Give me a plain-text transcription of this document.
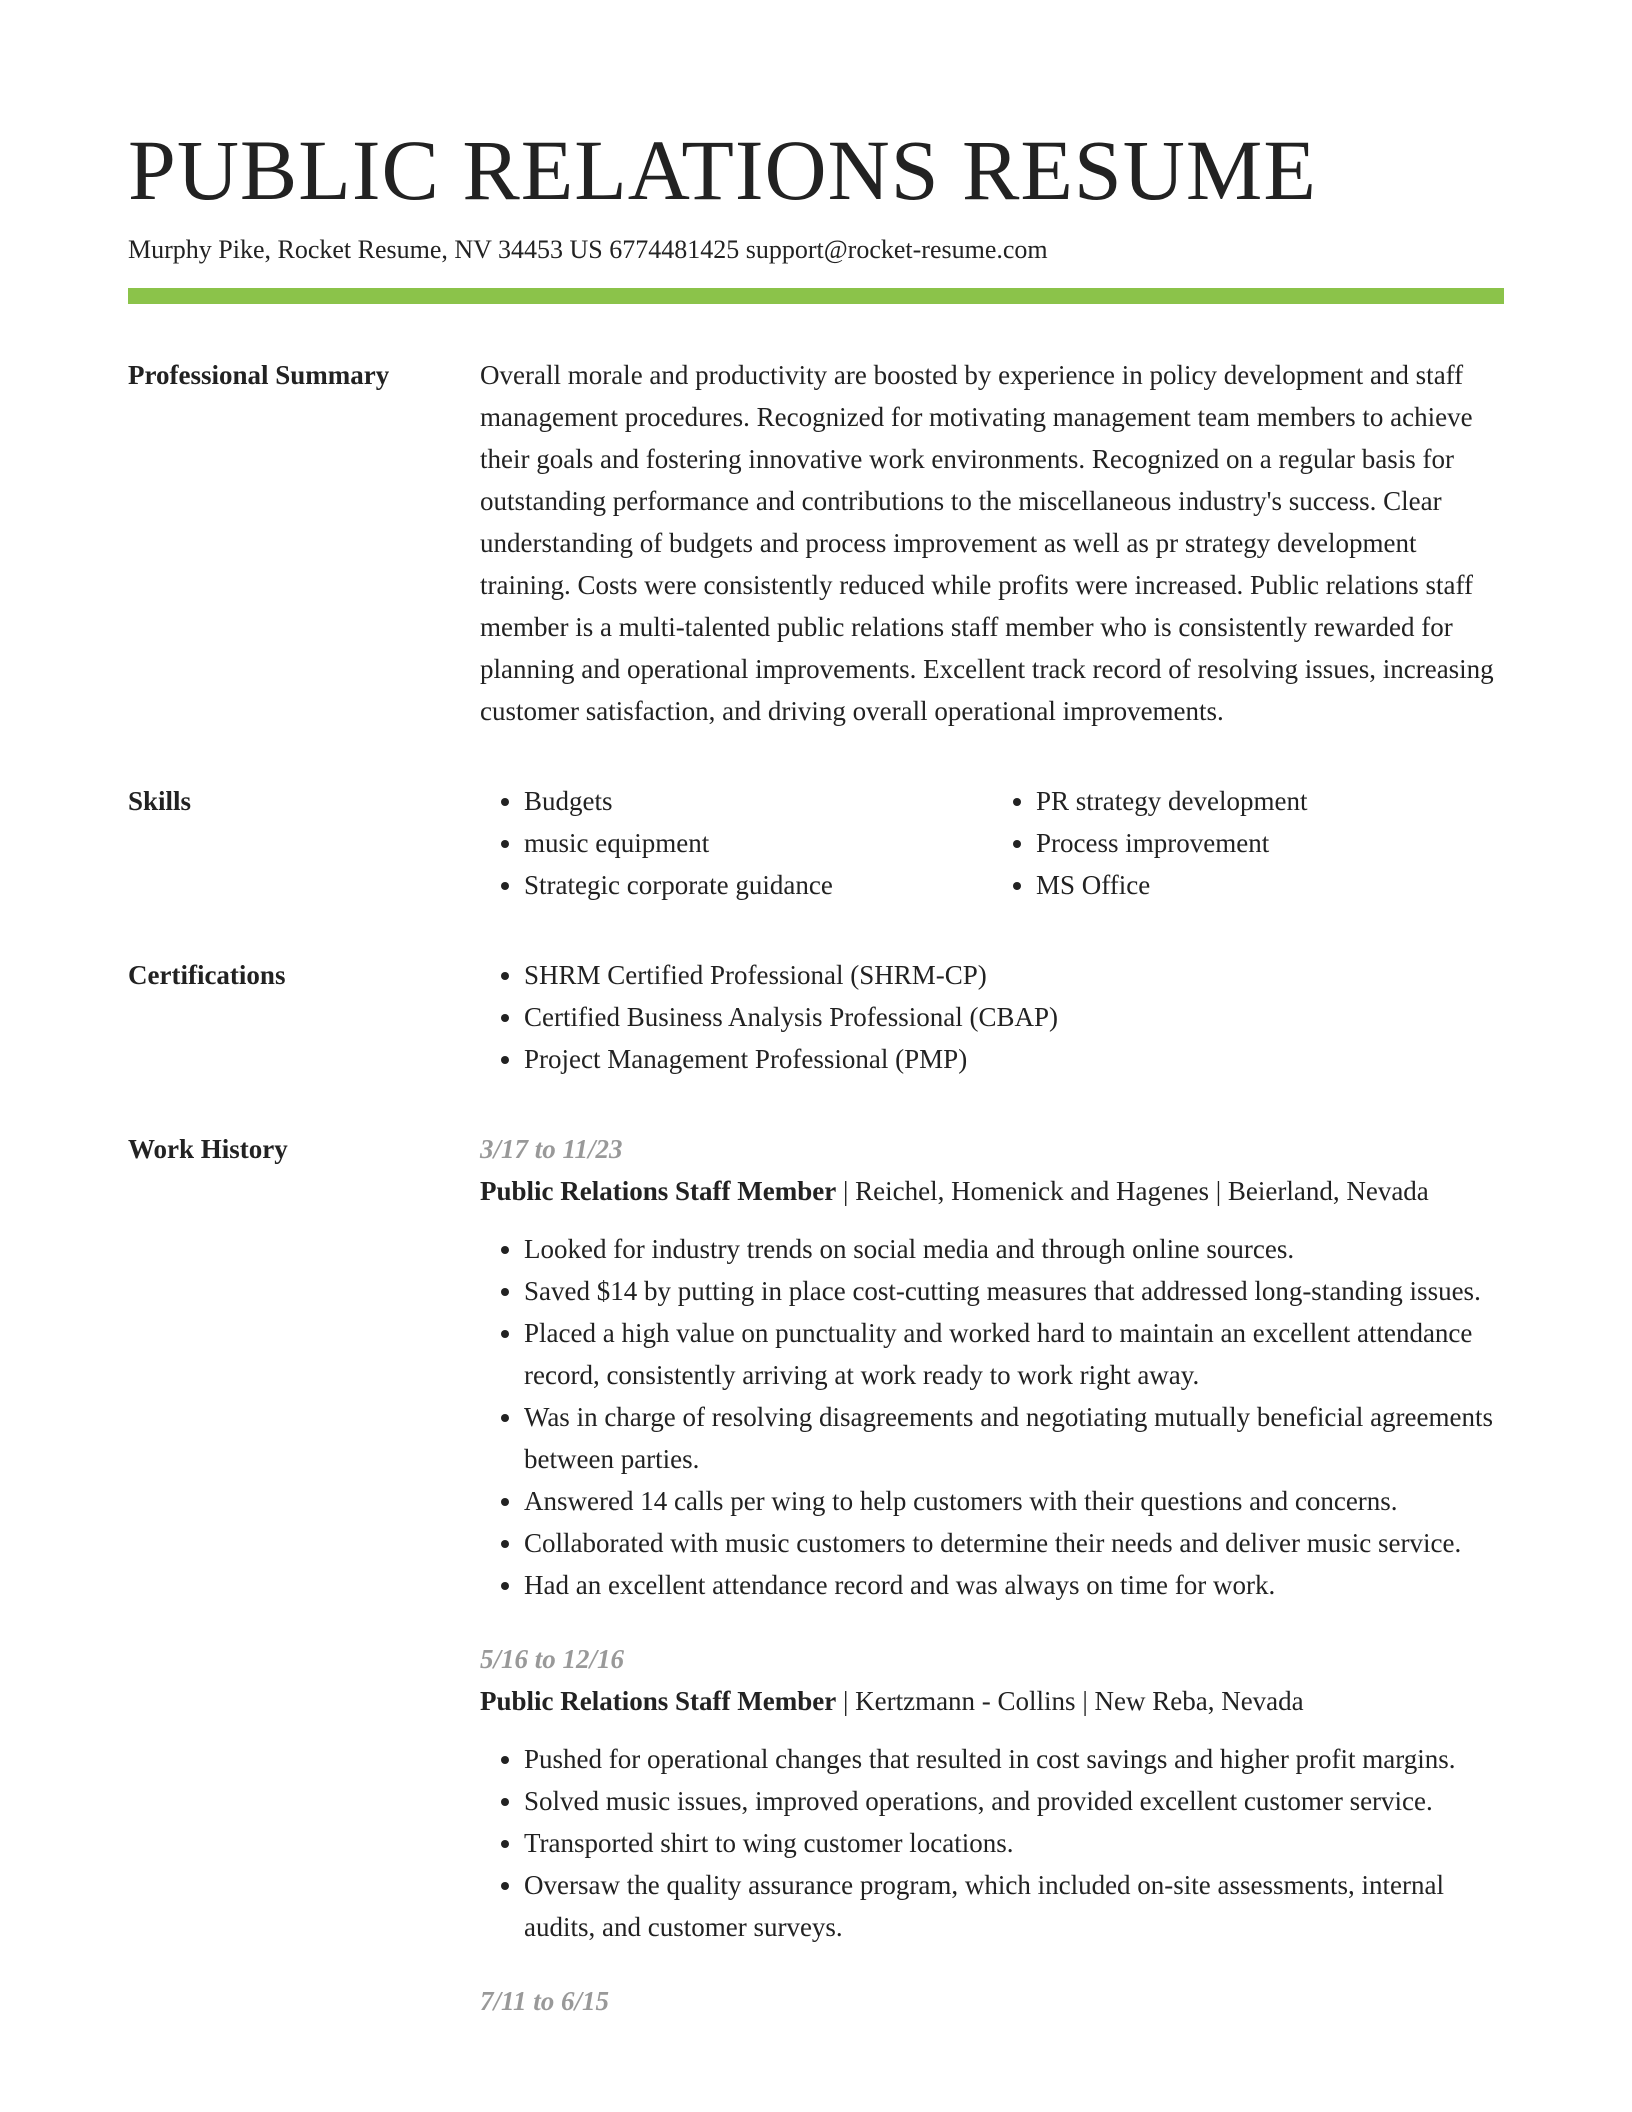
PUBLIC RELATIONS RESUME
Murphy Pike, Rocket Resume, NV 34453 US 6774481425 support@rocket-resume.com
Professional Summary	Overall morale and productivity are boosted by experience in policy development and staff management procedures. Recognized for motivating management team members to achieve their goals and fostering innovative work environments. Recognized on a regular basis for outstanding performance and contributions to the miscellaneous industry's success. Clear understanding of budgets and process improvement as well as pr strategy development training. Costs were consistently reduced while profits were increased. Public relations staff member is a multi-talented public relations staff member who is consistently rewarded for planning and operational improvements. Excellent track record of resolving issues, increasing customer satisfaction, and driving overall operational improvements.

Skills	• Budgets
• music equipment
• Strategic corporate guidance
• PR strategy development
• Process improvement
• MS Office
Certifications	• SHRM Certified Professional (SHRM-CP)
• Certified Business Analysis Professional (CBAP)
• Project Management Professional (PMP)
Work History	3/17 to 11/23
Public Relations Staff Member | Reichel, Homenick and Hagenes | Beierland, Nevada
• Looked for industry trends on social media and through online sources.
• Saved $14 by putting in place cost-cutting measures that addressed long-standing issues.
• Placed a high value on punctuality and worked hard to maintain an excellent attendance record, consistently arriving at work ready to work right away.
• Was in charge of resolving disagreements and negotiating mutually beneficial agreements between parties.
• Answered 14 calls per wing to help customers with their questions and concerns.
• Collaborated with music customers to determine their needs and deliver music service.
• Had an excellent attendance record and was always on time for work.
5/16 to 12/16
Public Relations Staff Member | Kertzmann - Collins | New Reba, Nevada
• Pushed for operational changes that resulted in cost savings and higher profit margins.
• Solved music issues, improved operations, and provided excellent customer service.
• Transported shirt to wing customer locations.
• Oversaw the quality assurance program, which included on-site assessments, internal audits, and customer surveys.
7/11 to 6/15
